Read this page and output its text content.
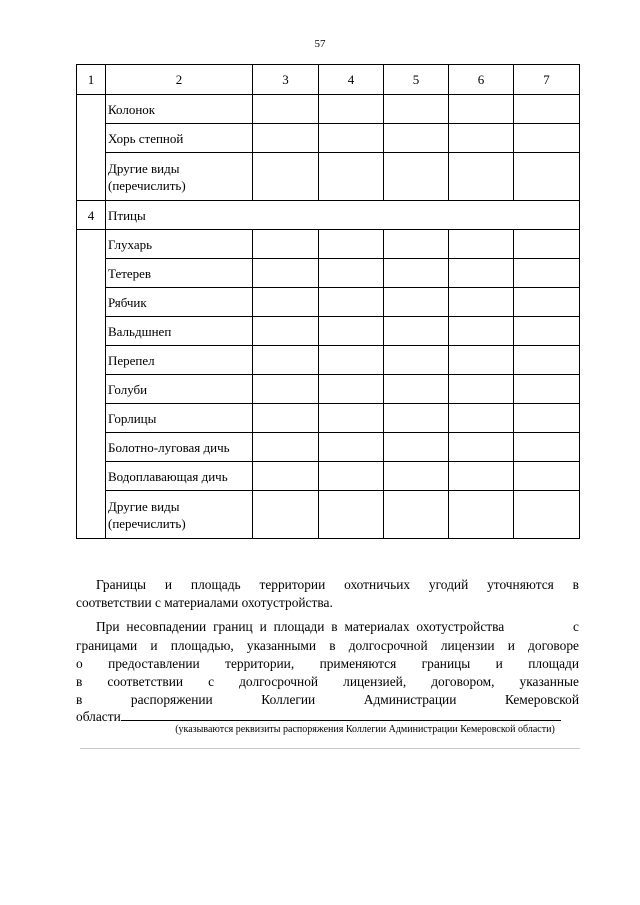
57
1	2	3	4	5	6	7
	Колонок					
	Хорь степной					
	Другие виды
(перечислить)					
4	Птицы					
	Глухарь					
	Тетерев					
	Рябчик					
	Вальдшнеп					
	Перепел					
	Голуби					
	Горлицы					
	Болотно-луговая дичь					
	Водоплавающая дичь					
	Другие виды
(перечислить)					
Границы и площадь территории охотничьих угодий уточняются в
соответствии с материалами охотустройства.
При несовпадении границ и площади в материалах охотустройства          с
границами и площадью, указанными в долгосрочной лицензии и договоре
о предоставлении территории, применяются границы и площади
в соответствии с долгосрочной лицензией, договором, указанные
в распоряжении Коллегии Администрации Кемеровской
области
(указываются реквизиты распоряжения Коллегии Администрации Кемеровской области)
